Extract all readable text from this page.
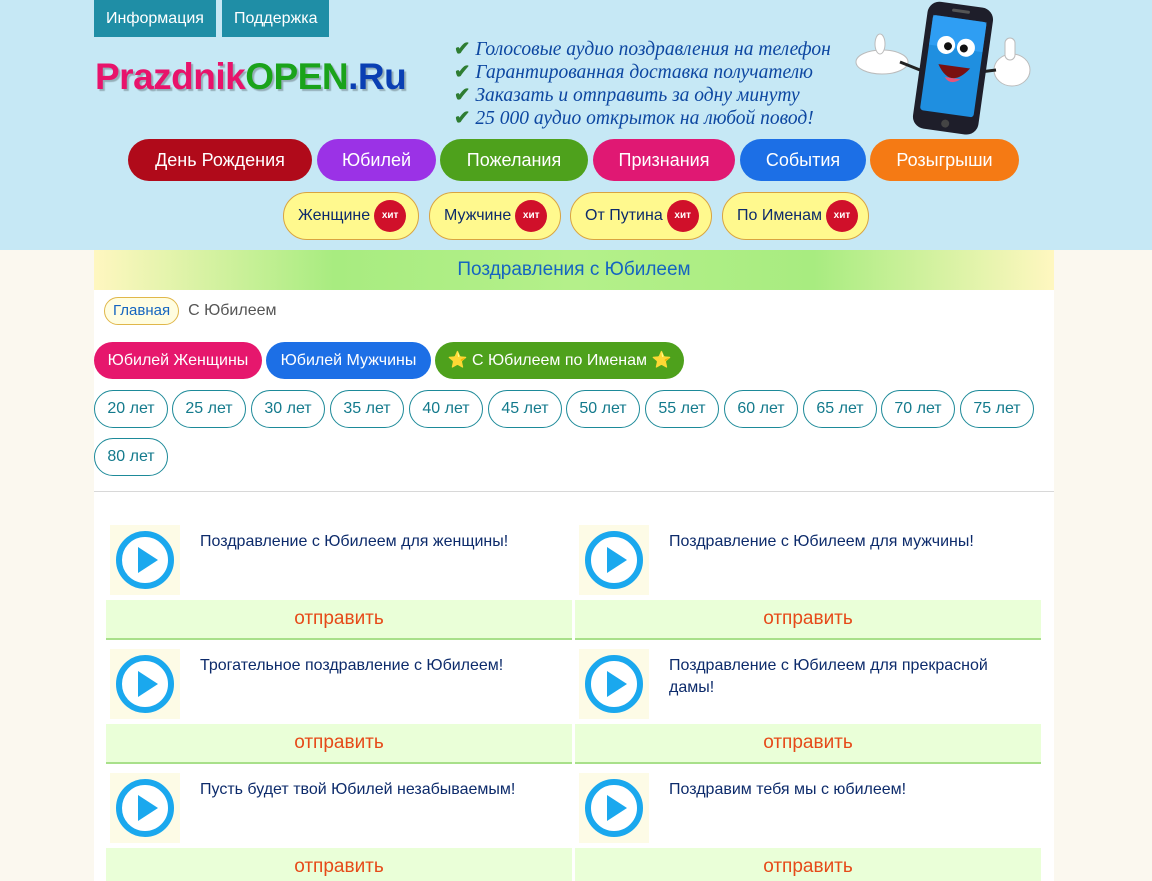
Информация	Поддержка
PrazdnikOPEN.Ru
✔ Голосовые аудио поздравления на телефон
✔ Гарантированная доставка получателю
✔ Заказать и отправить за одну минуту
✔ 25 000 аудио открыток на любой повод!
День Рождения	Юбилей	Пожелания	Признания	События	Розыгрыши
Женщине	хит	Мужчине	хит	От Путина	хит	По Именам	хит
Поздравления с Юбилеем
Главная	С Юбилеем
Юбилей Женщины	Юбилей Мужчины	⭐ С Юбилеем по Именам ⭐
20 лет	25 лет	30 лет	35 лет	40 лет	45 лет	50 лет	55 лет	60 лет	65 лет	70 лет	75 лет
80 лет
Поздравление с Юбилеем для женщины!
отправить
Поздравление с Юбилеем для мужчины!
отправить
Трогательное поздравление с Юбилеем!
отправить
Поздравление с Юбилеем для прекрасной дамы!
отправить
Пусть будет твой Юбилей незабываемым!
отправить
Поздравим тебя мы с юбилеем!
отправить
